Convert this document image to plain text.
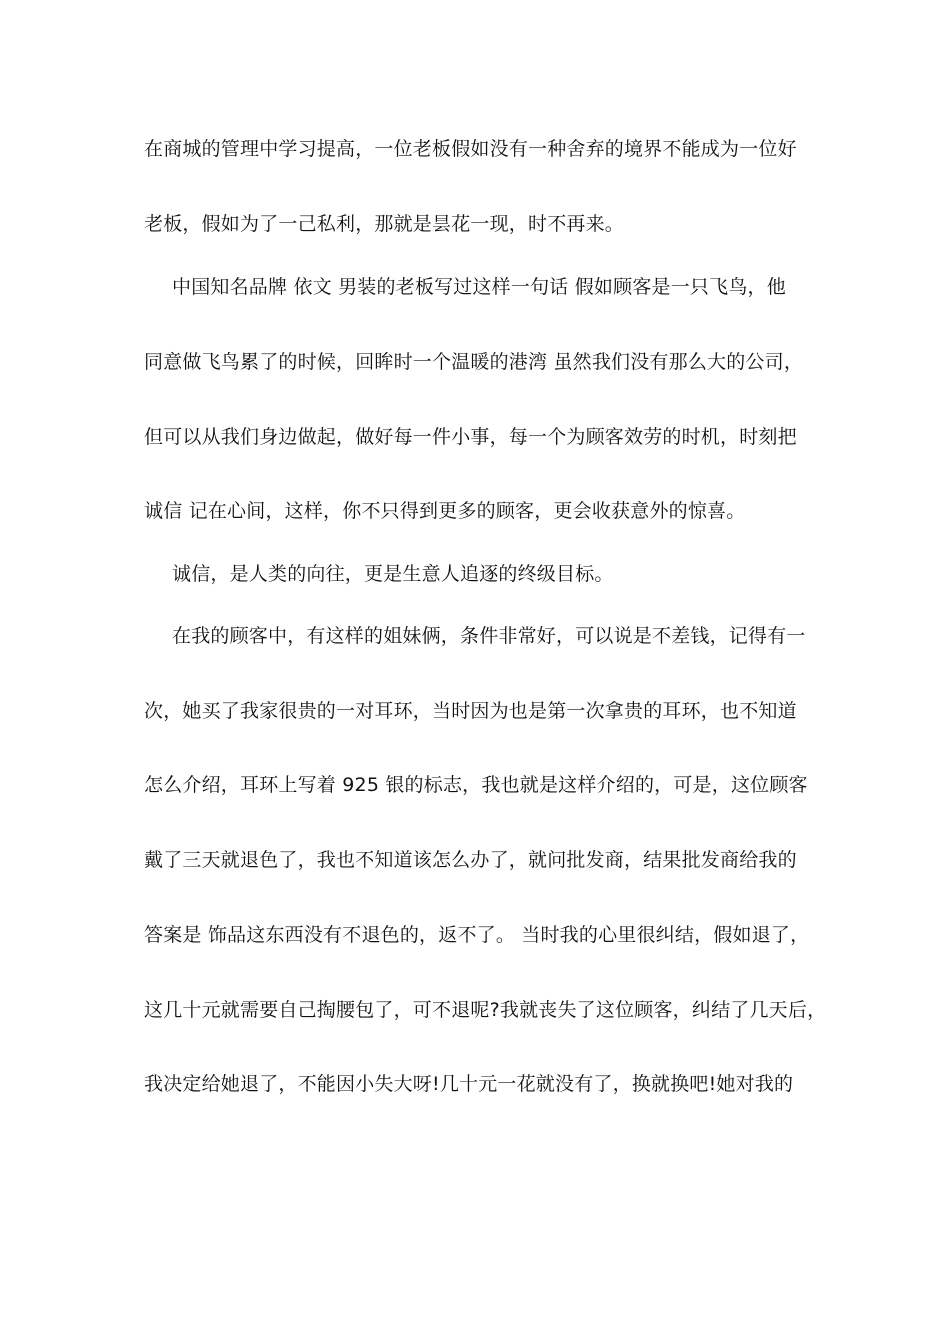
在商城的管理中学习提高，一位老板假如没有一种舍弃的境界不能成为一位好
老板，假如为了一己私利，那就是昙花一现，时不再来。
中国知名品牌 依文 男装的老板写过这样一句话 假如顾客是一只飞鸟，他
同意做飞鸟累了的时候，回眸时一个温暖的港湾 虽然我们没有那么大的公司，
但可以从我们身边做起，做好每一件小事，每一个为顾客效劳的时机，时刻把
诚信 记在心间，这样，你不只得到更多的顾客，更会收获意外的惊喜。
诚信，是人类的向往，更是生意人追逐的终级目标。
在我的顾客中，有这样的姐妹俩，条件非常好，可以说是不差钱，记得有一
次，她买了我家很贵的一对耳环，当时因为也是第一次拿贵的耳环，也不知道
怎么介绍，耳环上写着 925 银的标志，我也就是这样介绍的，可是，这位顾客
戴了三天就退色了，我也不知道该怎么办了，就问批发商，结果批发商给我的
答案是 饰品这东西没有不退色的，返不了。 当时我的心里很纠结，假如退了，
这几十元就需要自己掏腰包了，可不退呢?我就丧失了这位顾客，纠结了几天后，
我决定给她退了，不能因小失大呀!几十元一花就没有了，换就换吧!她对我的
